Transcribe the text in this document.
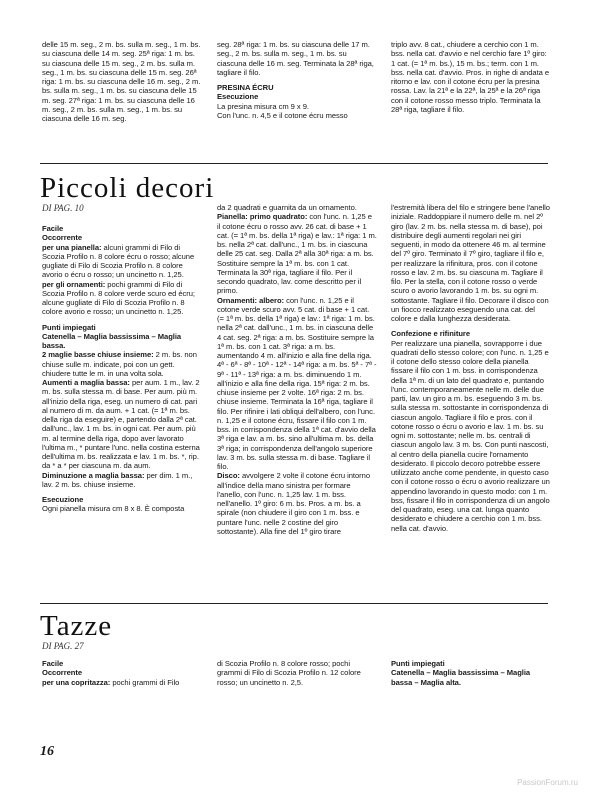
delle 15 m. seg., 2 m. bs. sulla m. seg., 1 m. bs. su ciascuna delle 14 m. seg. 25ª riga: 1 m. bs. su ciascuna delle 15 m. seg., 2 m. bs. sulla m. seg., 1 m. bs. su ciascuna delle 15 m. seg. 26ª riga: 1 m. bs. su ciascuna delle 16 m. seg., 2 m. bs. sulla m. seg., 1 m. bs. su ciascuna delle 15 m. seg. 27ª riga: 1 m. bs. su ciascuna delle 16 m. seg., 2 m. bs. sulla m. seg., 1 m. bs. su ciascuna delle 16 m. seg.

seg. 28ª riga: 1 m. bs. su ciascuna delle 17 m. seg., 2 m. bs. sulla m. seg., 1 m. bs. su ciascuna delle 16 m. seg. Terminata la 28ª riga, tagliare il filo.

PRESINA ÉCRU

Esecuzione

La presina misura cm 9 x 9.
Con l'unc. n. 4,5 e il cotone écru messo

triplo avv. 8 cat., chiudere a cerchio con 1 m. bss. nella cat. d'avvio e nel cerchio fare 1º giro: 1 cat. (= 1ª m. bs.), 15 m. bs.; term. con 1 m. bss. nella cat. d'avvio. Pros. in righe di andata e ritorno e lav. con il cotone écru per la presina rossa. Lav. la 21ª e la 22ª, la 25ª e la 26ª riga con il cotone rosso messo triplo. Terminata la 28ª riga, tagliare il filo.

Piccoli decori
DI PAG. 10

Facile

Occorrente

per una pianella: alcuni grammi di Filo di Scozia Profilo n. 8 colore écru o rosso; alcune gugliate di Filo di Scozia Profilo n. 8 colore avorio o écru o rosso; un uncinetto n. 1,25.

per gli ornamenti: pochi grammi di Filo di Scozia Profilo n. 8 colore verde scuro ed écru; alcune gugliate di Filo di Scozia Profilo n. 8 colore avorio e rosso; un uncinetto n. 1,25.

Punti impiegati

Catenella – Maglia bassissima – Maglia bassa.

2 maglie basse chiuse insieme: 2 m. bs. non chiuse sulle m. indicate, poi con un gett. chiudere tutte le m. in una volta sola.

Aumenti a maglia bassa: per aum. 1 m., lav. 2 m. bs. sulla stessa m. di base. Per aum. più m. all'inizio della riga, eseg. un numero di cat. pari al numero di m. da aum. + 1 cat. (= 1ª m. bs. della riga da eseguire) e, partendo dalla 2ª cat. dall'unc., lav. 1 m. bs. in ogni cat. Per aum. più m. al termine della riga, dopo aver lavorato l'ultima m., * puntare l'unc. nella costina esterna dell'ultima m. bs. realizzata e lav. 1 m. bs. *, rip. da * a * per ciascuna m. da aum.

Diminuzione a maglia bassa: per dim. 1 m., lav. 2 m. bs. chiuse insieme.

Esecuzione

Ogni pianella misura cm 8 x 8. È composta

da 2 quadrati e guarnita da un ornamento.

Pianella: primo quadrato: con l'unc. n. 1,25 e il cotone écru o rosso avv. 26 cat. di base + 1 cat. (= 1ª m. bs. della 1ª riga) e lav.: 1ª riga: 1 m. bs. nella 2ª cat. dall'unc., 1 m. bs. in ciascuna delle 25 cat. seg. Dalla 2ª alla 30ª riga: a m. bs. Sostituire sempre la 1ª m. bs. con 1 cat. Terminata la 30ª riga, tagliare il filo. Per il secondo quadrato, lav. come descritto per il primo.

Ornamenti: albero: con l'unc. n. 1,25 e il cotone verde scuro avv. 5 cat. di base + 1 cat. (= 1ª m. bs. della 1ª riga) e lav.: 1ª riga: 1 m. bs. nella 2ª cat. dall'unc., 1 m. bs. in ciascuna delle 4 cat. seg. 2ª riga: a m. bs. Sostituire sempre la 1ª m. bs. con 1 cat. 3ª riga: a m. bs. aumentando 4 m. all'inizio e alla fine della riga. 4ª - 6ª - 8ª - 10ª - 12ª - 14ª riga: a m. bs. 5ª - 7ª - 9ª - 11ª - 13ª riga: a m. bs. diminuendo 1 m. all'inizio e alla fine della riga. 15ª riga: 2 m. bs. chiuse insieme per 2 volte. 16ª riga: 2 m. bs. chiuse insieme. Terminata la 16ª riga, tagliare il filo. Per rifinire i lati obliqui dell'albero, con l'unc. n. 1,25 e il cotone écru, fissare il filo con 1 m. bss. in corrispondenza della 1ª cat. d'avvio della 3ª riga e lav. a m. bs. sino all'ultima m. bs. della 3ª riga; in corrispondenza dell'angolo superiore lav. 3 m. bs. sulla stessa m. di base. Tagliare il filo.

Disco: avvolgere 2 volte il cotone écru intorno all'indice della mano sinistra per formare l'anello, con l'unc. n. 1,25 lav. 1 m. bss. nell'anello. 1º giro: 6 m. bs. Pros. a m. bs. a spirale (non chiudere il giro con 1 m. bss. e puntare l'unc. nelle 2 costine del giro sottostante). Alla fine del 1º giro tirare

l'estremità libera del filo e stringere bene l'anello iniziale. Raddoppiare il numero delle m. nel 2º giro (lav. 2 m. bs. nella stessa m. di base), poi distribuire degli aumenti regolari nei giri seguenti, in modo da ottenere 46 m. al termine del 7º giro. Terminato il 7º giro, tagliare il filo e, per realizzare la rifinitura, pros. con il cotone rosso e lav. 2 m. bs. su ciascuna m. Tagliare il filo. Per la stella, con il cotone rosso o verde scuro o avorio lavorando 1 m. bs. su ogni m. sottostante. Tagliare il filo. Decorare il disco con un fiocco realizzato eseguendo una cat. del colore e dalla lunghezza desiderata.

Confezione e rifiniture

Per realizzare una pianella, sovrapporre i due quadrati dello stesso colore; con l'unc. n. 1,25 e il cotone dello stesso colore della pianella fissare il filo con 1 m. bss. in corrispondenza della 1ª m. di un lato del quadrato e, puntando l'unc. contemporaneamente nelle m. delle due parti, lav. un giro a m. bs. eseguendo 3 m. bs. sulla stessa m. sottostante in corrispondenza di ciascun angolo. Tagliare il filo e pros. con il cotone rosso o écru o avorio e lav. 1 m. bs. su ogni m. sottostante; nelle m. bs. centrali di ciascun angolo lav. 3 m. bs. Con punti nascosti, al centro della pianella cucire l'ornamento desiderato. Il piccolo decoro potrebbe essere utilizzato anche come pendente, in questo caso con il cotone rosso o écru o avorio realizzare un appendino lavorando in questo modo: con 1 m. bss, fissare il filo in corrispondenza di un angolo del quadrato, eseg. una cat. lunga quanto desiderato e chiudere a cerchio con 1 m. bss. nella cat. d'avvio.

Tazze
DI PAG. 27

Facile

Occorrente

per una copritazza: pochi grammi di Filo

di Scozia Profilo n. 8 colore rosso; pochi grammi di Filo di Scozia Profilo n. 12 colore rosso; un uncinetto n. 2,5.

Punti impiegati

Catenella – Maglia bassissima – Maglia bassa – Maglia alta.

16
PassionForum.ru
